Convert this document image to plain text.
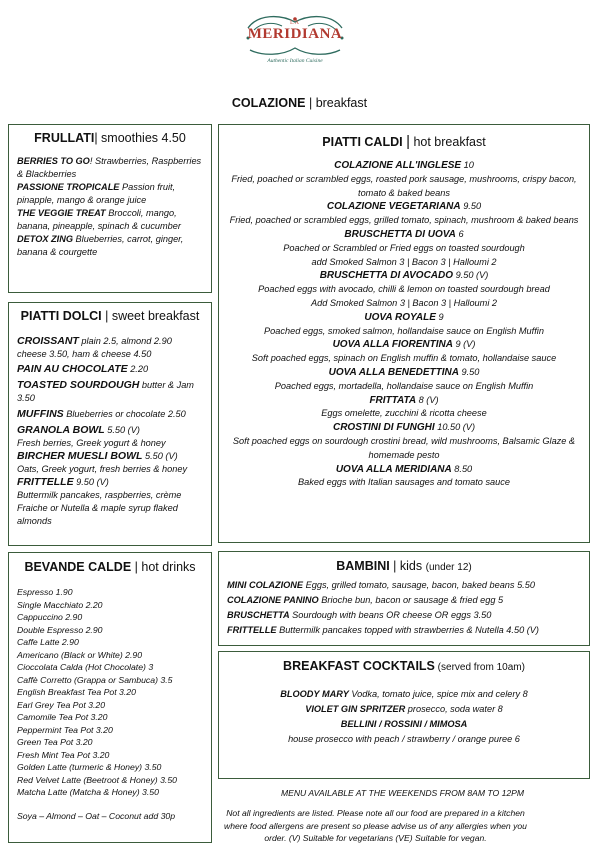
LA
MERIDIANA
Authentic Italian Cuisine
COLAZIONE | breakfast
FRULLATI| smoothies 4.50

BERRIES TO GO! Strawberries, Raspberries & Blackberries

PASSIONE TROPICALE Passion fruit, pinapple, mango & orange juice

THE VEGGIE TREAT Broccoli, mango, banana, pineapple, spinach & cucumber

DETOX ZING Blueberries, carrot, ginger, banana & courgette

PIATTI DOLCI | sweet breakfast

CROISSANT plain 2.5, almond 2.90 cheese 3.50, ham & cheese 4.50

PAIN AU CHOCOLATE 2.20

TOASTED SOURDOUGH butter & Jam 3.50

MUFFINS Blueberries or chocolate 2.50

GRANOLA BOWL 5.50 (V)

Fresh berries, Greek yogurt & honey

BIRCHER MUESLI BOWL 5.50 (V)

Oats, Greek yogurt, fresh berries & honey

FRITTELLE 9.50 (V)

Buttermilk pancakes, raspberries, crème Fraiche or Nutella & maple syrup flaked almonds

BEVANDE CALDE | hot drinks
Espresso 1.90
Single Macchiato 2.20
Cappuccino 2.90
Double Espresso 2.90
Caffe Latte 2.90
Americano (Black or White) 2.90
Cioccolata Calda (Hot Chocolate) 3
Caffè Corretto (Grappa or Sambuca) 3.5
English Breakfast Tea Pot 3.20
Earl Grey Tea Pot 3.20
Camomile Tea Pot 3.20
Peppermint Tea Pot 3.20
Green Tea Pot 3.20
Fresh Mint Tea Pot 3.20
Golden Latte (turmeric & Honey) 3.50
Red Velvet Latte (Beetroot & Honey) 3.50
Matcha Latte (Matcha & Honey) 3.50
Soya – Almond – Oat – Coconut add 30p
PIATTI CALDI | hot breakfast
COLAZIONE ALL'INGLESE 10
Fried, poached or scrambled eggs, roasted pork sausage, mushrooms, crispy bacon, tomato & baked beans
COLAZIONE VEGETARIANA 9.50
Fried, poached or scrambled eggs, grilled tomato, spinach, mushroom & baked beans
BRUSCHETTA DI UOVA 6
Poached or Scrambled or Fried eggs on toasted sourdough
add Smoked Salmon 3 | Bacon 3 | Halloumi 2
BRUSCHETTA DI AVOCADO 9.50 (V)
Poached eggs with avocado, chilli & lemon on toasted sourdough bread
Add Smoked Salmon 3 | Bacon 3 | Halloumi 2
UOVA ROYALE 9
Poached eggs, smoked salmon, hollandaise sauce on English Muffin
UOVA ALLA FIORENTINA 9 (V)
Soft poached eggs, spinach on English muffin & tomato, hollandaise sauce
UOVA ALLA BENEDETTINA 9.50
Poached eggs, mortadella, hollandaise sauce on English Muffin
FRITTATA 8 (V)
Eggs omelette, zucchini & ricotta cheese
CROSTINI DI FUNGHI 10.50 (V)
Soft poached eggs on sourdough crostini bread, wild mushrooms, Balsamic Glaze & homemade pesto
UOVA ALLA MERIDIANA 8.50
Baked eggs with Italian sausages and tomato sauce
BAMBINI | kids (under 12)
MINI COLAZIONE Eggs, grilled tomato, sausage, bacon, baked beans 5.50
COLAZIONE PANINO Brioche bun, bacon or sausage & fried egg 5
BRUSCHETTA Sourdough with beans OR cheese OR eggs 3.50
FRITTELLE Buttermilk pancakes topped with strawberries & Nutella 4.50 (V)
BREAKFAST COCKTAILS (served from 10am)
BLOODY MARY Vodka, tomato juice, spice mix and celery 8
VIOLET GIN SPRITZER prosecco, soda water 8
BELLINI / ROSSINI / MIMOSA
house prosecco with peach / strawberry / orange puree 6
MENU AVAILABLE AT THE WEEKENDS FROM 8AM TO 12PM
Not all ingredients are listed. Please note all our food are prepared in a kitchen where food allergens are present so please advise us of any allergies when you order. (V) Suitable for vegetarians (VE) Suitable for vegan.
